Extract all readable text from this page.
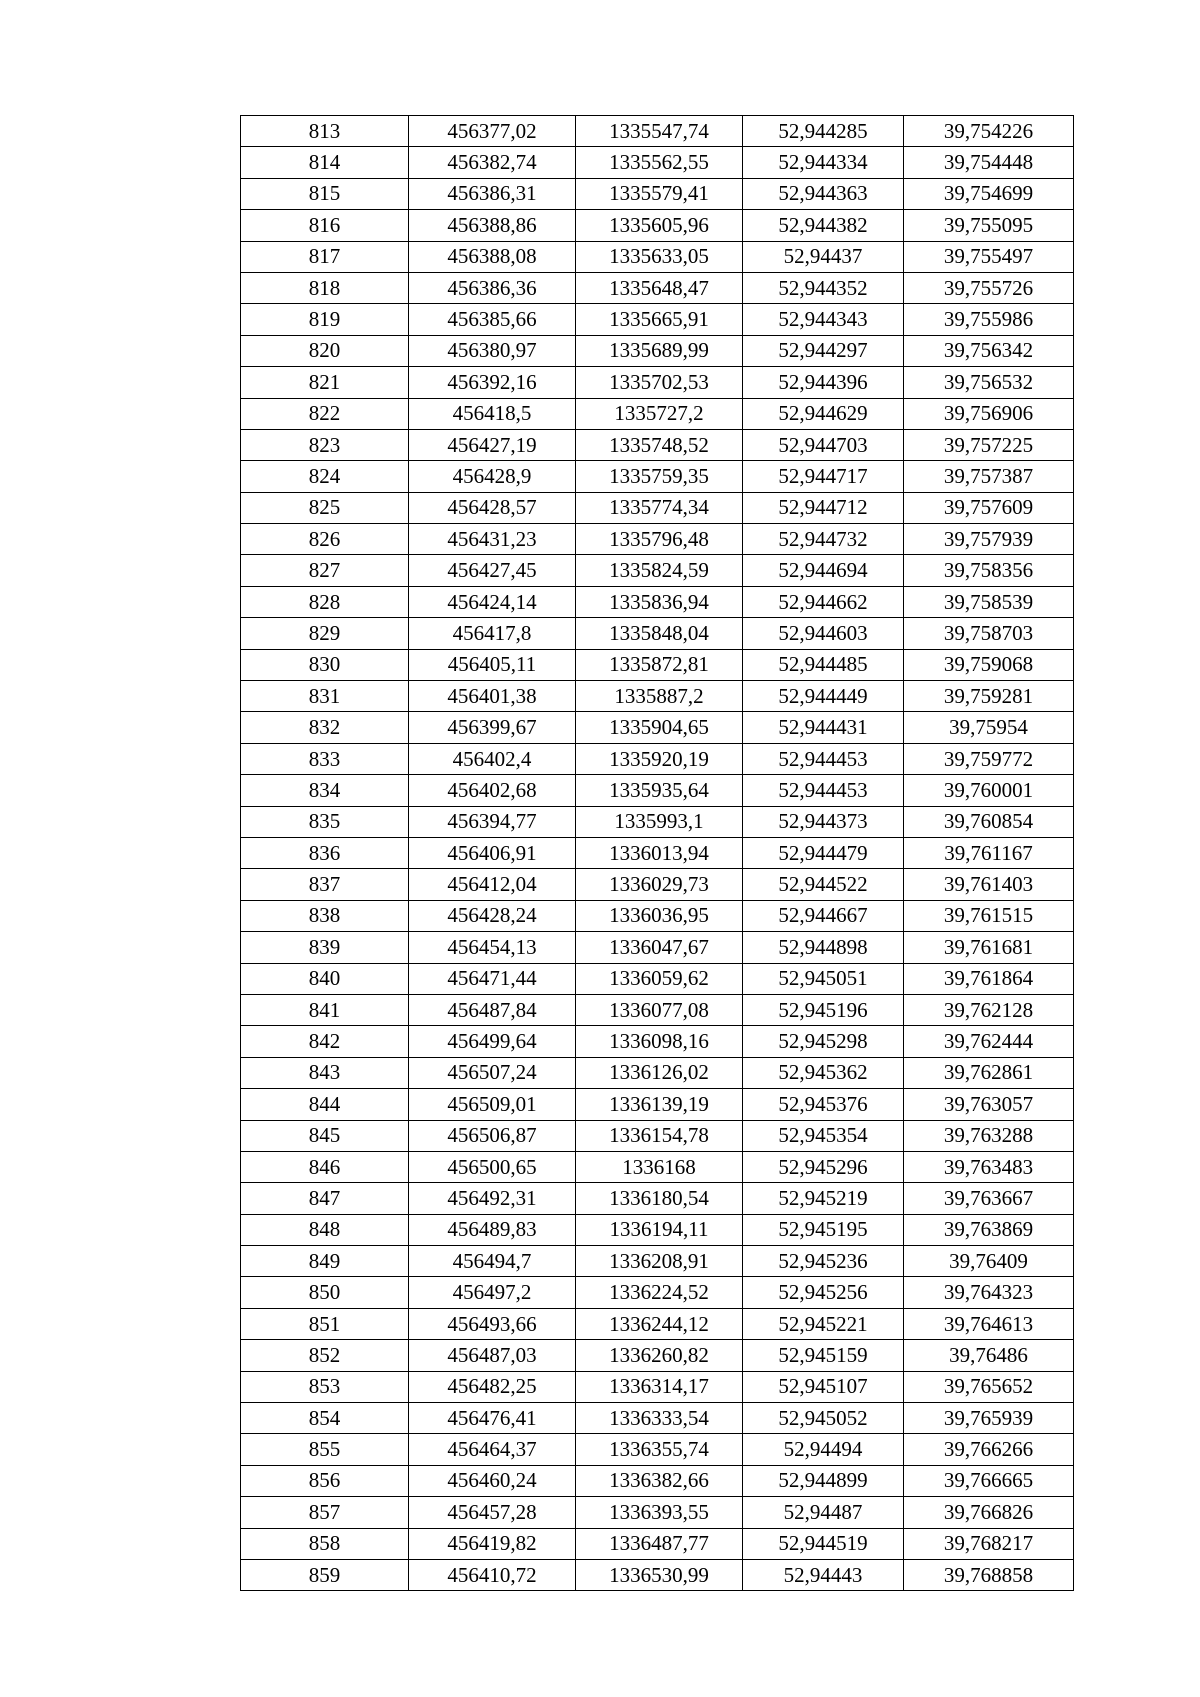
813	456377,02	1335547,74	52,944285	39,754226
814	456382,74	1335562,55	52,944334	39,754448
815	456386,31	1335579,41	52,944363	39,754699
816	456388,86	1335605,96	52,944382	39,755095
817	456388,08	1335633,05	52,94437	39,755497
818	456386,36	1335648,47	52,944352	39,755726
819	456385,66	1335665,91	52,944343	39,755986
820	456380,97	1335689,99	52,944297	39,756342
821	456392,16	1335702,53	52,944396	39,756532
822	456418,5	1335727,2	52,944629	39,756906
823	456427,19	1335748,52	52,944703	39,757225
824	456428,9	1335759,35	52,944717	39,757387
825	456428,57	1335774,34	52,944712	39,757609
826	456431,23	1335796,48	52,944732	39,757939
827	456427,45	1335824,59	52,944694	39,758356
828	456424,14	1335836,94	52,944662	39,758539
829	456417,8	1335848,04	52,944603	39,758703
830	456405,11	1335872,81	52,944485	39,759068
831	456401,38	1335887,2	52,944449	39,759281
832	456399,67	1335904,65	52,944431	39,75954
833	456402,4	1335920,19	52,944453	39,759772
834	456402,68	1335935,64	52,944453	39,760001
835	456394,77	1335993,1	52,944373	39,760854
836	456406,91	1336013,94	52,944479	39,761167
837	456412,04	1336029,73	52,944522	39,761403
838	456428,24	1336036,95	52,944667	39,761515
839	456454,13	1336047,67	52,944898	39,761681
840	456471,44	1336059,62	52,945051	39,761864
841	456487,84	1336077,08	52,945196	39,762128
842	456499,64	1336098,16	52,945298	39,762444
843	456507,24	1336126,02	52,945362	39,762861
844	456509,01	1336139,19	52,945376	39,763057
845	456506,87	1336154,78	52,945354	39,763288
846	456500,65	1336168	52,945296	39,763483
847	456492,31	1336180,54	52,945219	39,763667
848	456489,83	1336194,11	52,945195	39,763869
849	456494,7	1336208,91	52,945236	39,76409
850	456497,2	1336224,52	52,945256	39,764323
851	456493,66	1336244,12	52,945221	39,764613
852	456487,03	1336260,82	52,945159	39,76486
853	456482,25	1336314,17	52,945107	39,765652
854	456476,41	1336333,54	52,945052	39,765939
855	456464,37	1336355,74	52,94494	39,766266
856	456460,24	1336382,66	52,944899	39,766665
857	456457,28	1336393,55	52,94487	39,766826
858	456419,82	1336487,77	52,944519	39,768217
859	456410,72	1336530,99	52,94443	39,768858
